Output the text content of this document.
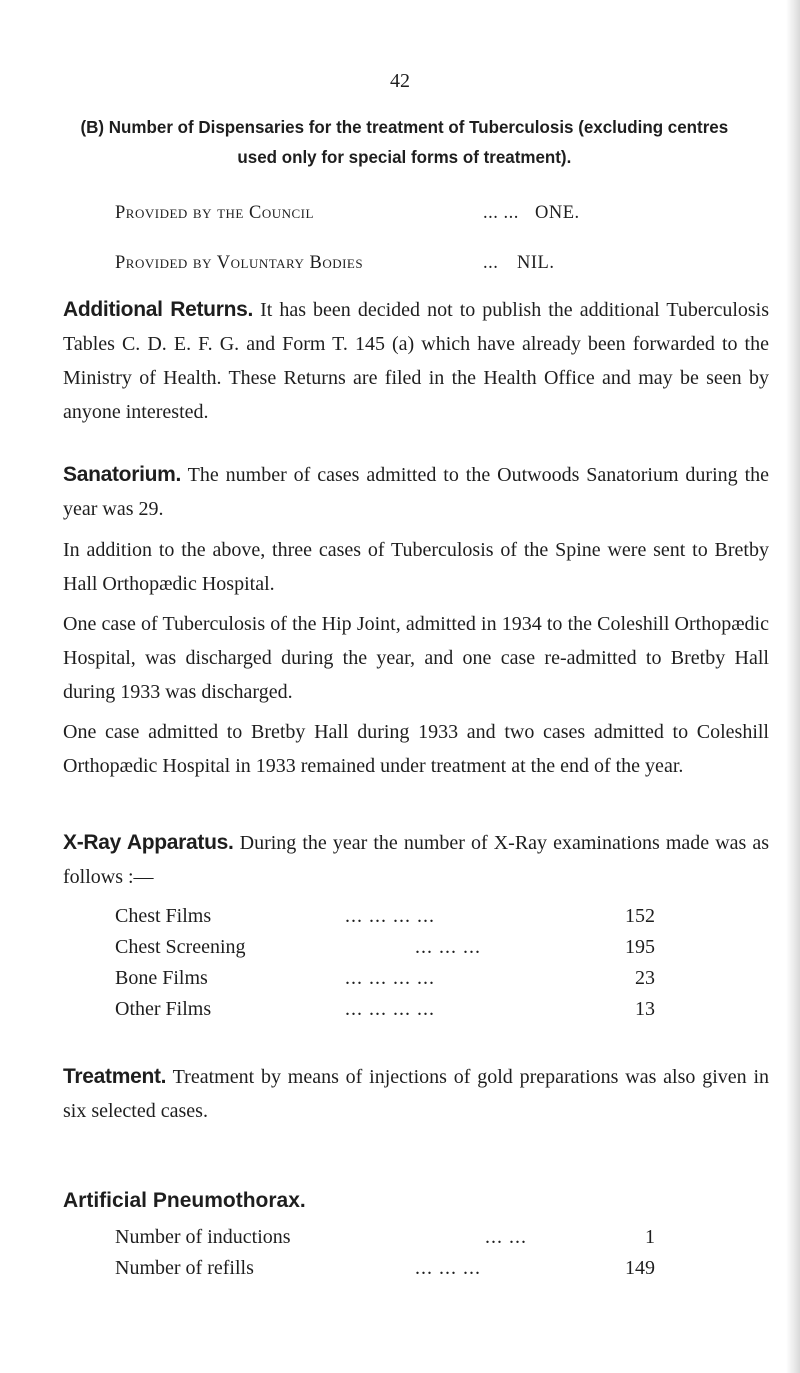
42
(B) Number of Dispensaries for the treatment of Tuberculosis (excluding centres used only for special forms of treatment).
Provided by the Council	... ... ONE.
Provided by Voluntary Bodies	... NIL.

Additional Returns. It has been decided not to publish the additional Tuberculosis Tables C. D. E. F. G. and Form T. 145 (a) which have already been forwarded to the Ministry of Health. These Returns are filed in the Health Office and may be seen by anyone interested.

Sanatorium. The number of cases admitted to the Outwoods Sanatorium during the year was 29.

In addition to the above, three cases of Tuberculosis of the Spine were sent to Bretby Hall Orthopædic Hospital.

One case of Tuberculosis of the Hip Joint, admitted in 1934 to the Coleshill Orthopædic Hospital, was discharged during the year, and one case re-admitted to Bretby Hall during 1933 was discharged.

One case admitted to Bretby Hall during 1933 and two cases admitted to Coleshill Orthopædic Hospital in 1933 remained under treatment at the end of the year.

X-Ray Apparatus. During the year the number of X-Ray examinations made was as follows :—

Chest Films	... ... ... ...	152
Chest Screening	... ... ...	195
Bone Films	... ... ... ...	23
Other Films	... ... ... ...	13

Treatment. Treatment by means of injections of gold preparations was also given in six selected cases.

Artificial Pneumothorax.
Number of inductions	... ...	1
Number of refills	... ... ...	149
